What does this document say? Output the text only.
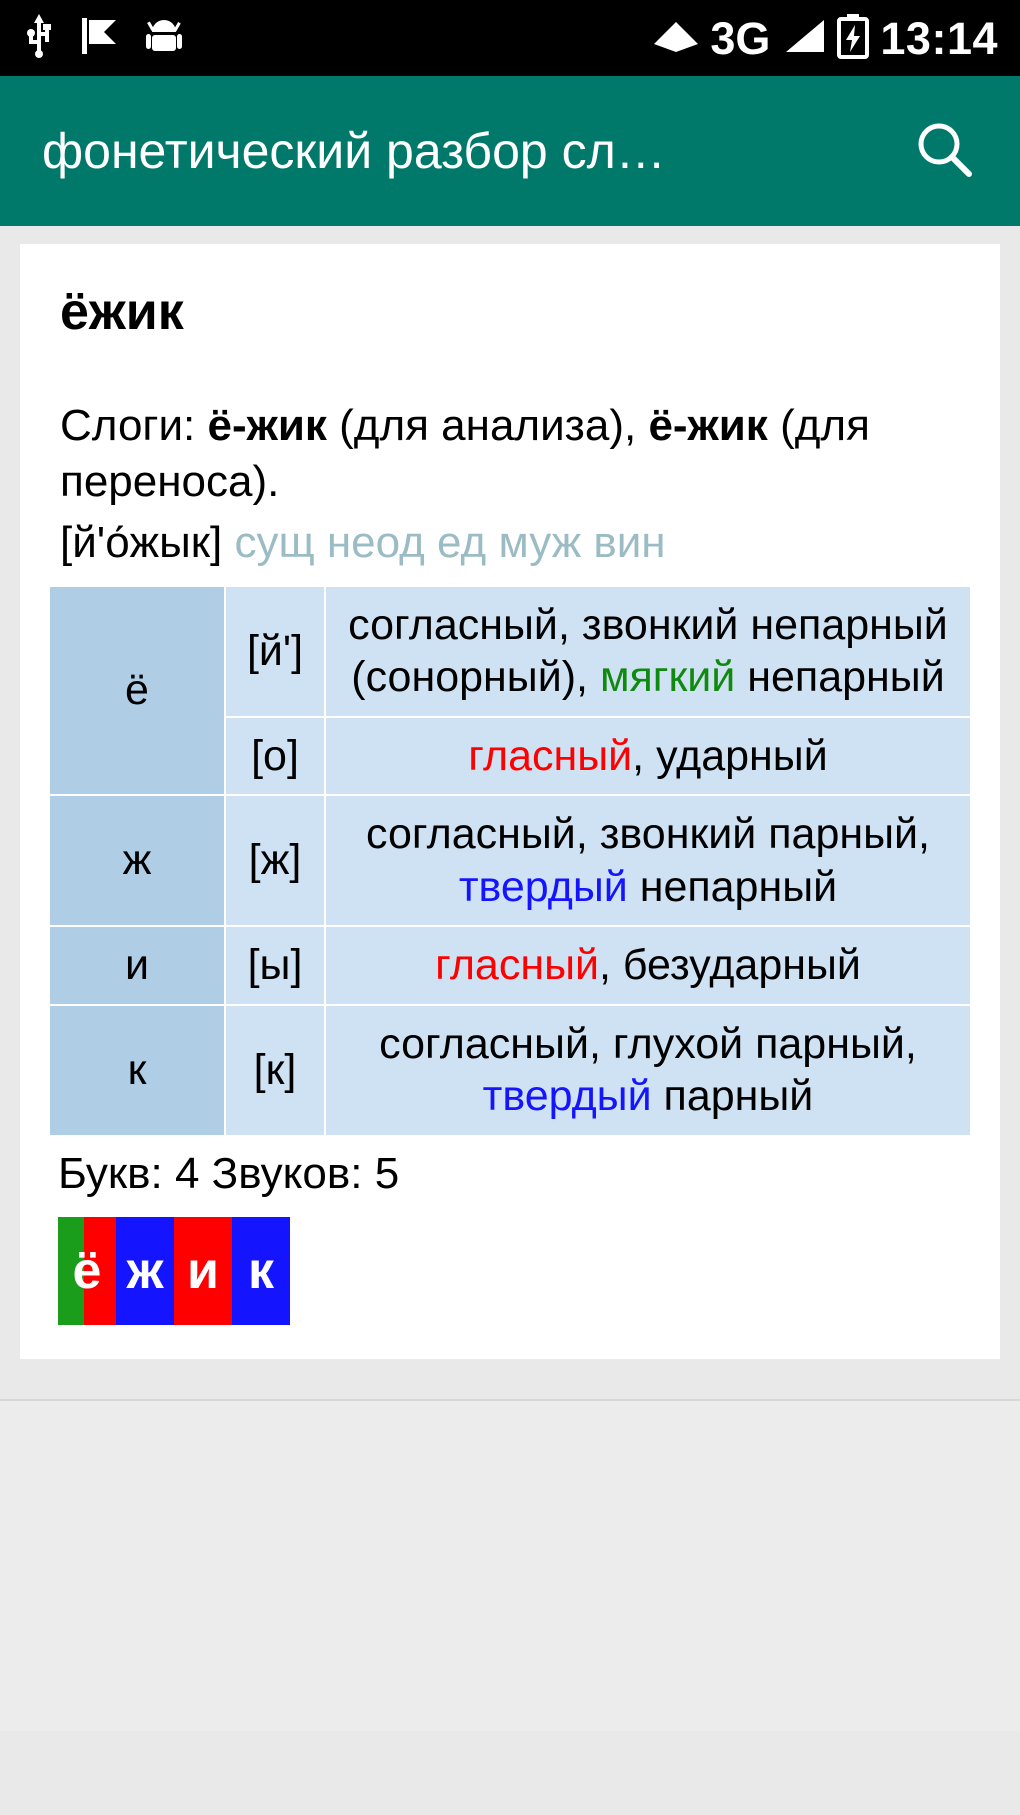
3G 13:14
фонетический разбор сл…
ёжик
Слоги: ё-жик (для анализа), ё-жик (для переноса).
[й'о́жык] сущ неод ед муж вин
ё	[й']	согласный, звонкий непарный (сонорный), мягкий непарный
	[о]	гласный, ударный
ж	[ж]	согласный, звонкий парный, твердый непарный
и	[ы]	гласный, безударный
к	[к]	согласный, глухой парный, твердый парный
Букв: 4 Звуков: 5
ё ж и к
